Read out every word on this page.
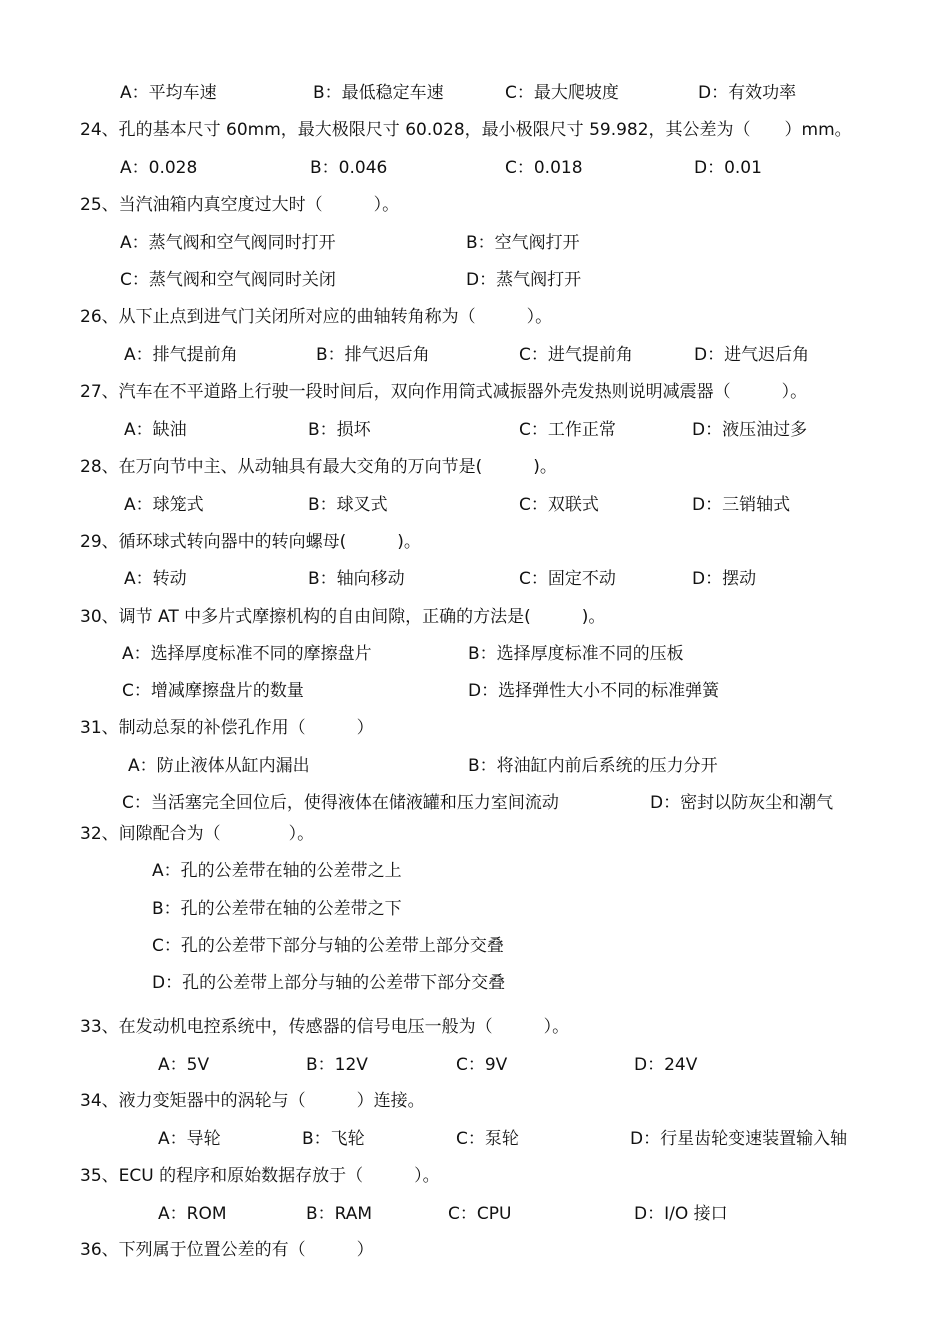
A：平均车速	B：最低稳定车速	C：最大爬坡度	D：有效功率
24、孔的基本尺寸 60mm，最大极限尺寸 60.028，最小极限尺寸 59.982，其公差为（　　）mm。
A：0.028	B：0.046	C：0.018	D：0.01
25、当汽油箱内真空度过大时（　　　）。
A：蒸气阀和空气阀同时打开	B：空气阀打开
C：蒸气阀和空气阀同时关闭	D：蒸气阀打开
26、从下止点到进气门关闭所对应的曲轴转角称为（　　　）。
A：排气提前角	B：排气迟后角	C：进气提前角	D：进气迟后角
27、汽车在不平道路上行驶一段时间后，双向作用筒式减振器外壳发热则说明减震器（　　　）。
A：缺油	B：损坏	C：工作正常	D：液压油过多
28、在万向节中主、从动轴具有最大交角的万向节是(　　　)。
A：球笼式	B：球叉式	C：双联式	D：三销轴式
29、循环球式转向器中的转向螺母(　　　)。
A：转动	B：轴向移动	C：固定不动	D：摆动
30、调节 AT 中多片式摩擦机构的自由间隙，正确的方法是(　　　)。
A：选择厚度标准不同的摩擦盘片	B：选择厚度标准不同的压板
C：增减摩擦盘片的数量	D：选择弹性大小不同的标准弹簧
31、制动总泵的补偿孔作用（　　　）
A：防止液体从缸内漏出	B：将油缸内前后系统的压力分开
C：当活塞完全回位后，使得液体在储液罐和压力室间流动	D：密封以防灰尘和潮气
32、间隙配合为（　　　　）。
A：孔的公差带在轴的公差带之上
B：孔的公差带在轴的公差带之下
C：孔的公差带下部分与轴的公差带上部分交叠
D：孔的公差带上部分与轴的公差带下部分交叠
33、在发动机电控系统中，传感器的信号电压一般为（　　　）。
A：5V	B：12V	C：9V	D：24V
34、液力变矩器中的涡轮与（　　　）连接。
A：导轮	B：飞轮	C：泵轮	D：行星齿轮变速装置输入轴
35、ECU 的程序和原始数据存放于（　　　）。
A：ROM	B：RAM	C：CPU	D：I/O 接口
36、下列属于位置公差的有（　　　）
